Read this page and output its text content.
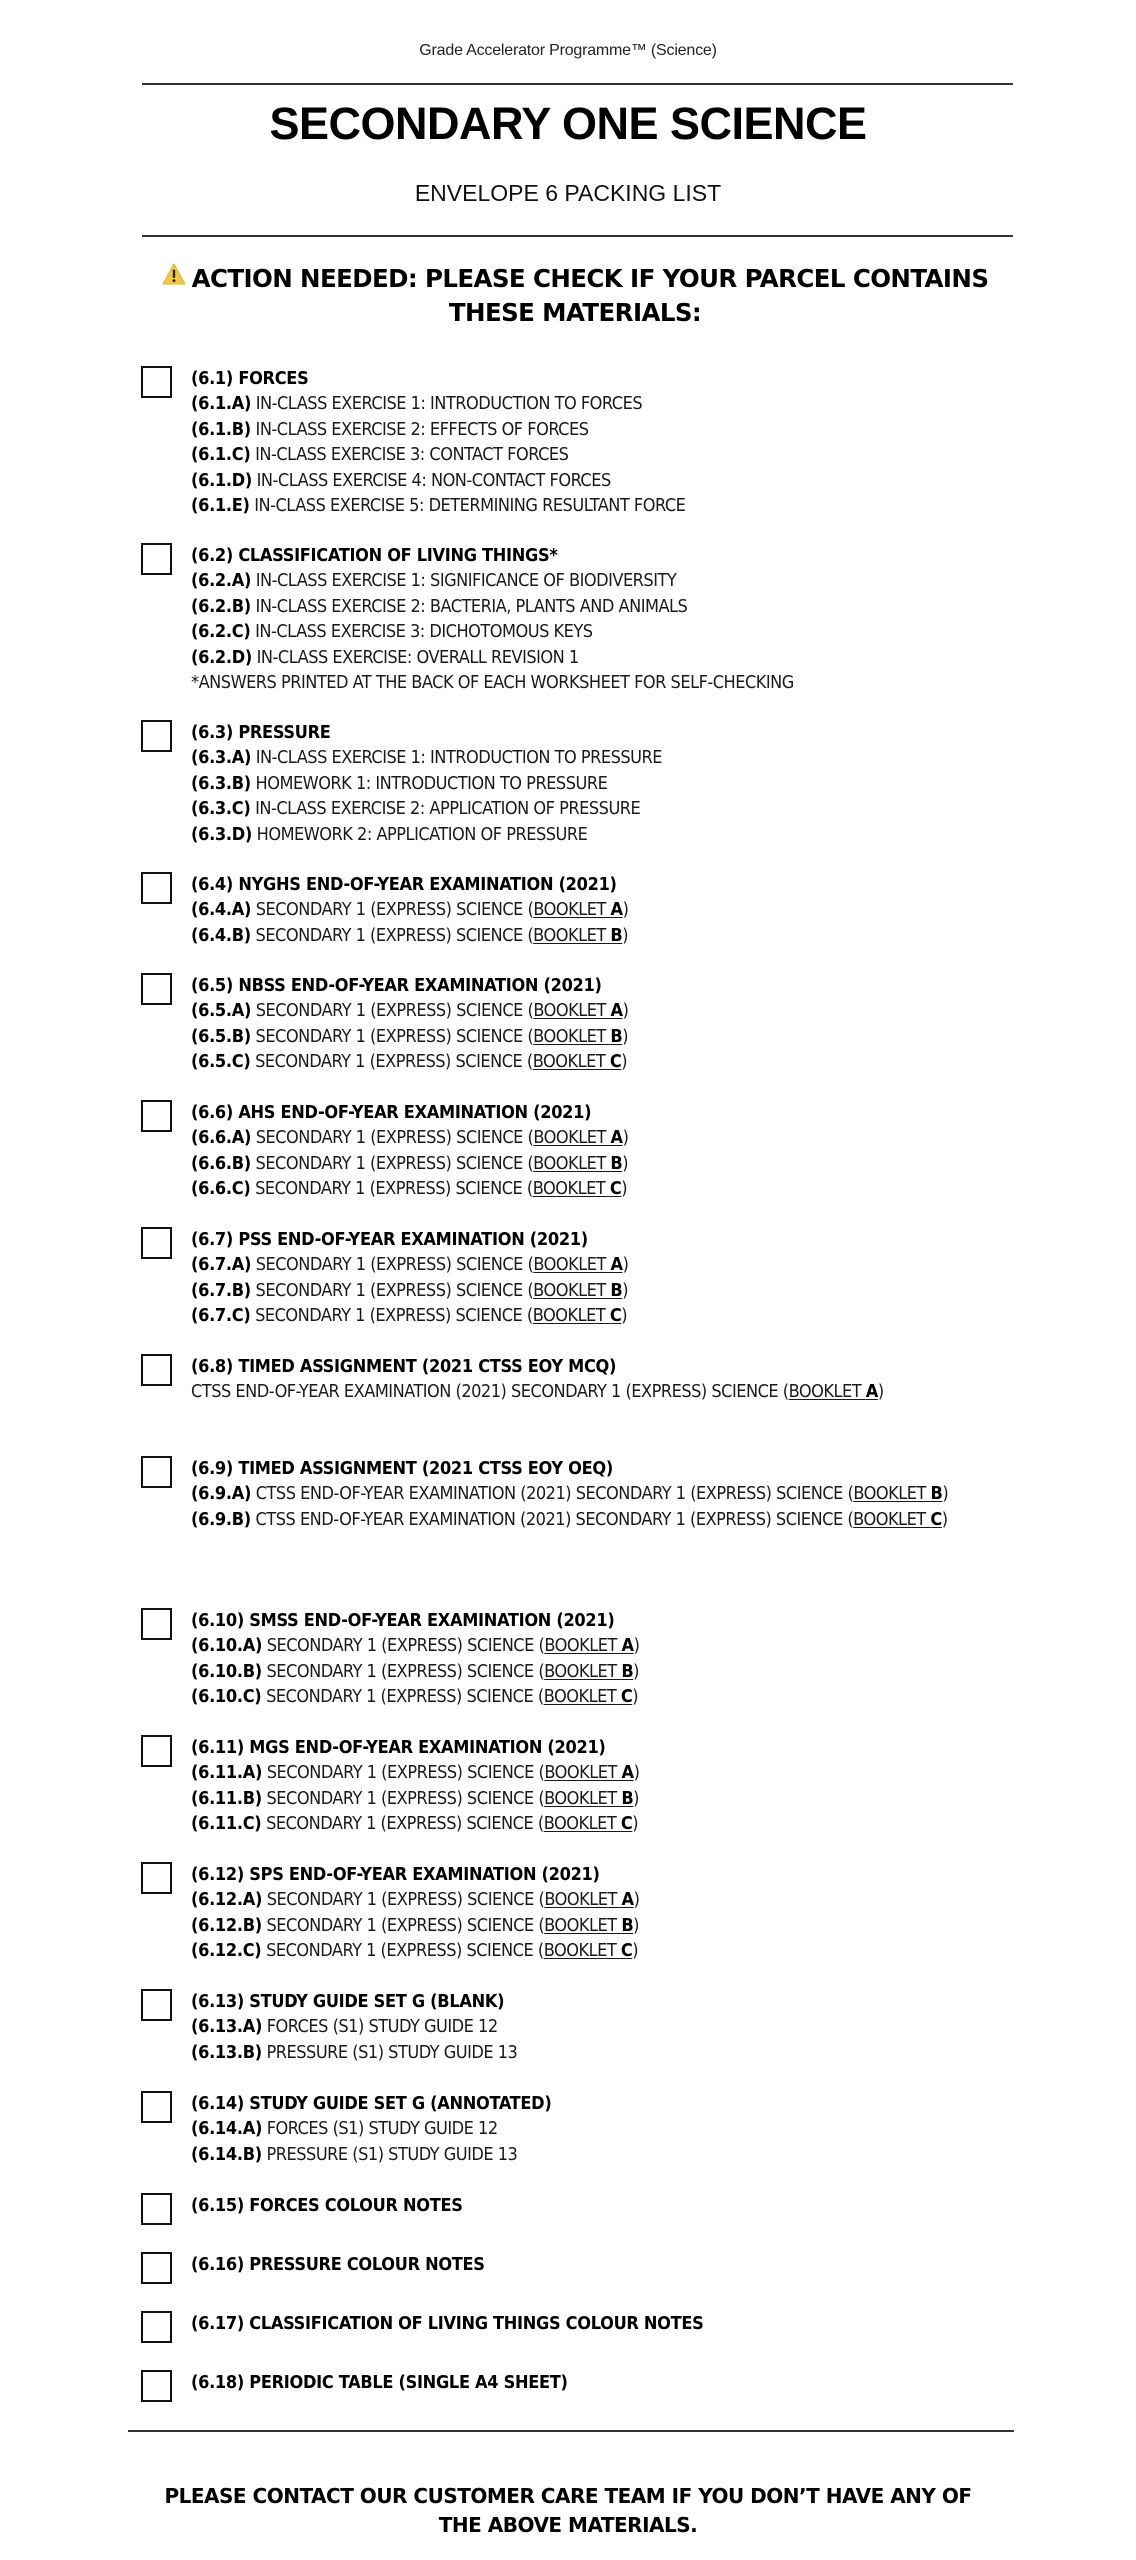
Grade Accelerator Programme™ (Science)
SECONDARY ONE SCIENCE
ENVELOPE 6 PACKING LIST
ACTION NEEDED: PLEASE CHECK IF YOUR PARCEL CONTAINS THESE MATERIALS:
(6.1) FORCES
(6.1.A) IN-CLASS EXERCISE 1: INTRODUCTION TO FORCES
(6.1.B) IN-CLASS EXERCISE 2: EFFECTS OF FORCES
(6.1.C) IN-CLASS EXERCISE 3: CONTACT FORCES
(6.1.D) IN-CLASS EXERCISE 4: NON-CONTACT FORCES
(6.1.E) IN-CLASS EXERCISE 5: DETERMINING RESULTANT FORCE
(6.2) CLASSIFICATION OF LIVING THINGS*
(6.2.A) IN-CLASS EXERCISE 1: SIGNIFICANCE OF BIODIVERSITY
(6.2.B) IN-CLASS EXERCISE 2: BACTERIA, PLANTS AND ANIMALS
(6.2.C) IN-CLASS EXERCISE 3: DICHOTOMOUS KEYS
(6.2.D) IN-CLASS EXERCISE: OVERALL REVISION 1
*ANSWERS PRINTED AT THE BACK OF EACH WORKSHEET FOR SELF-CHECKING
(6.3) PRESSURE
(6.3.A) IN-CLASS EXERCISE 1: INTRODUCTION TO PRESSURE
(6.3.B) HOMEWORK 1: INTRODUCTION TO PRESSURE
(6.3.C) IN-CLASS EXERCISE 2: APPLICATION OF PRESSURE
(6.3.D) HOMEWORK 2: APPLICATION OF PRESSURE
(6.4) NYGHS END-OF-YEAR EXAMINATION (2021)
(6.4.A) SECONDARY 1 (EXPRESS) SCIENCE (BOOKLET A)
(6.4.B) SECONDARY 1 (EXPRESS) SCIENCE (BOOKLET B)
(6.5) NBSS END-OF-YEAR EXAMINATION (2021)
(6.5.A) SECONDARY 1 (EXPRESS) SCIENCE (BOOKLET A)
(6.5.B) SECONDARY 1 (EXPRESS) SCIENCE (BOOKLET B)
(6.5.C) SECONDARY 1 (EXPRESS) SCIENCE (BOOKLET C)
(6.6) AHS END-OF-YEAR EXAMINATION (2021)
(6.6.A) SECONDARY 1 (EXPRESS) SCIENCE (BOOKLET A)
(6.6.B) SECONDARY 1 (EXPRESS) SCIENCE (BOOKLET B)
(6.6.C) SECONDARY 1 (EXPRESS) SCIENCE (BOOKLET C)
(6.7) PSS END-OF-YEAR EXAMINATION (2021)
(6.7.A) SECONDARY 1 (EXPRESS) SCIENCE (BOOKLET A)
(6.7.B) SECONDARY 1 (EXPRESS) SCIENCE (BOOKLET B)
(6.7.C) SECONDARY 1 (EXPRESS) SCIENCE (BOOKLET C)
(6.8) TIMED ASSIGNMENT (2021 CTSS EOY MCQ)
CTSS END-OF-YEAR EXAMINATION (2021) SECONDARY 1 (EXPRESS) SCIENCE (BOOKLET A)
(6.9) TIMED ASSIGNMENT (2021 CTSS EOY OEQ)
(6.9.A) CTSS END-OF-YEAR EXAMINATION (2021) SECONDARY 1 (EXPRESS) SCIENCE (BOOKLET B)
(6.9.B) CTSS END-OF-YEAR EXAMINATION (2021) SECONDARY 1 (EXPRESS) SCIENCE (BOOKLET C)
(6.10) SMSS END-OF-YEAR EXAMINATION (2021)
(6.10.A) SECONDARY 1 (EXPRESS) SCIENCE (BOOKLET A)
(6.10.B) SECONDARY 1 (EXPRESS) SCIENCE (BOOKLET B)
(6.10.C) SECONDARY 1 (EXPRESS) SCIENCE (BOOKLET C)
(6.11) MGS END-OF-YEAR EXAMINATION (2021)
(6.11.A) SECONDARY 1 (EXPRESS) SCIENCE (BOOKLET A)
(6.11.B) SECONDARY 1 (EXPRESS) SCIENCE (BOOKLET B)
(6.11.C) SECONDARY 1 (EXPRESS) SCIENCE (BOOKLET C)
(6.12) SPS END-OF-YEAR EXAMINATION (2021)
(6.12.A) SECONDARY 1 (EXPRESS) SCIENCE (BOOKLET A)
(6.12.B) SECONDARY 1 (EXPRESS) SCIENCE (BOOKLET B)
(6.12.C) SECONDARY 1 (EXPRESS) SCIENCE (BOOKLET C)
(6.13) STUDY GUIDE SET G (BLANK)
(6.13.A) FORCES (S1) STUDY GUIDE 12
(6.13.B) PRESSURE (S1) STUDY GUIDE 13
(6.14) STUDY GUIDE SET G (ANNOTATED)
(6.14.A) FORCES (S1) STUDY GUIDE 12
(6.14.B) PRESSURE (S1) STUDY GUIDE 13
(6.15) FORCES COLOUR NOTES
(6.16) PRESSURE COLOUR NOTES
(6.17) CLASSIFICATION OF LIVING THINGS COLOUR NOTES
(6.18) PERIODIC TABLE (SINGLE A4 SHEET)
PLEASE CONTACT OUR CUSTOMER CARE TEAM IF YOU DON’T HAVE ANY OF THE ABOVE MATERIALS.
